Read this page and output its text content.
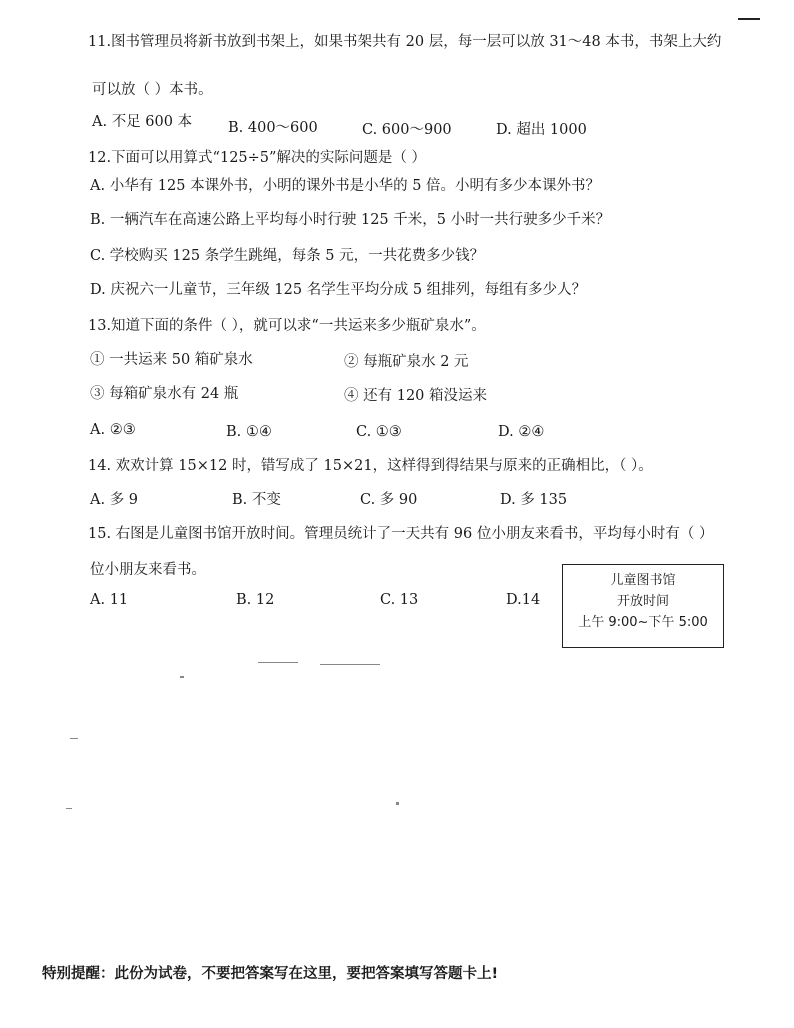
11.图书管理员将新书放到书架上，如果书架共有 20 层，每一层可以放 31～48 本书，书架上大约
可以放（ ）本书。
A. 不足 600 本 B. 400～600	C. 600～900	D. 超出 1000
12.下面可以用算式“125÷5”解决的实际问题是（ ）
A. 小华有 125 本课外书，小明的课外书是小华的 5 倍。小明有多少本课外书？
B. 一辆汽车在高速公路上平均每小时行驶 125 千米，5 小时一共行驶多少千米？
C. 学校购买 125 条学生跳绳，每条 5 元，一共花费多少钱？
D. 庆祝六一儿童节，三年级 125 名学生平均分成 5 组排列，每组有多少人？
13.知道下面的条件（ ），就可以求“一共运来多少瓶矿泉水”。
① 一共运来 50 箱矿泉水	② 每瓶矿泉水 2 元
③ 每箱矿泉水有 24 瓶	④ 还有 120 箱没运来
A. ②③	B. ①④	C. ①③	D. ②④
14. 欢欢计算 15×12 时，错写成了 15×21，这样得到得结果与原来的正确相比，（ ）。
A. 多 9	B. 不变	C. 多 90	D. 多 135
15. 右图是儿童图书馆开放时间。管理员统计了一天共有 96 位小朋友来看书，平均每小时有（ ）
位小朋友来看书。
A. 11	B. 12	C. 13	D.14
儿童图书馆
开放时间
上午 9:00~下午 5:00
特别提醒：此份为试卷，不要把答案写在这里，要把答案填写答题卡上!
